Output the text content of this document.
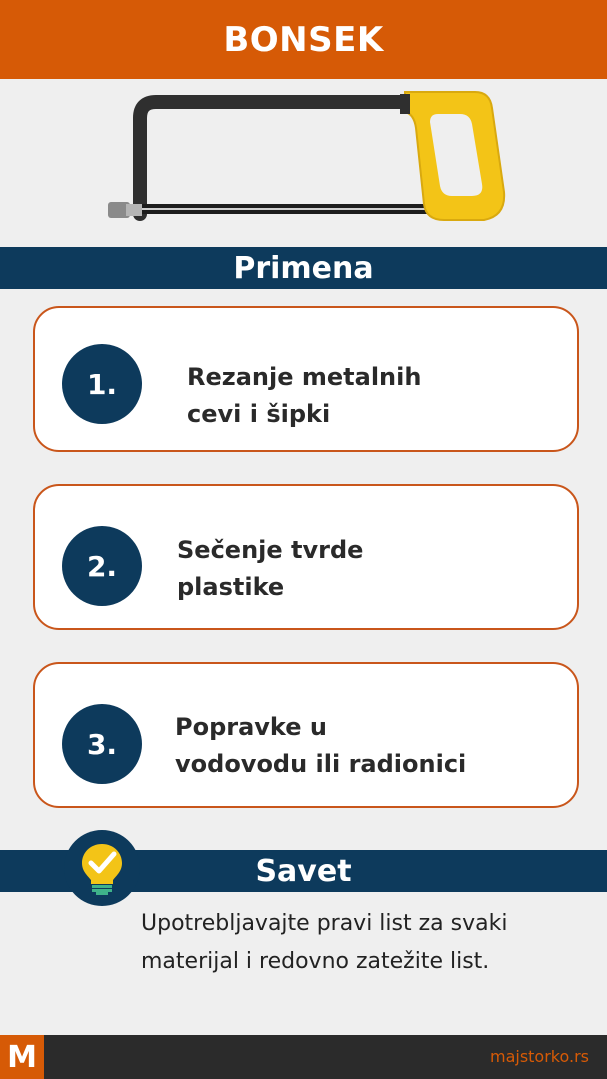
BONSEK
Primena
1.	Rezanje metalnih
cevi i šipki
2.	Sečenje tvrde
plastike
3.
Popravke u
vodovodu ili radionici
Savet
Upotrebljavajte pravi list za svaki
materijal i redovno zatežite list.
M	majstorko.rs
